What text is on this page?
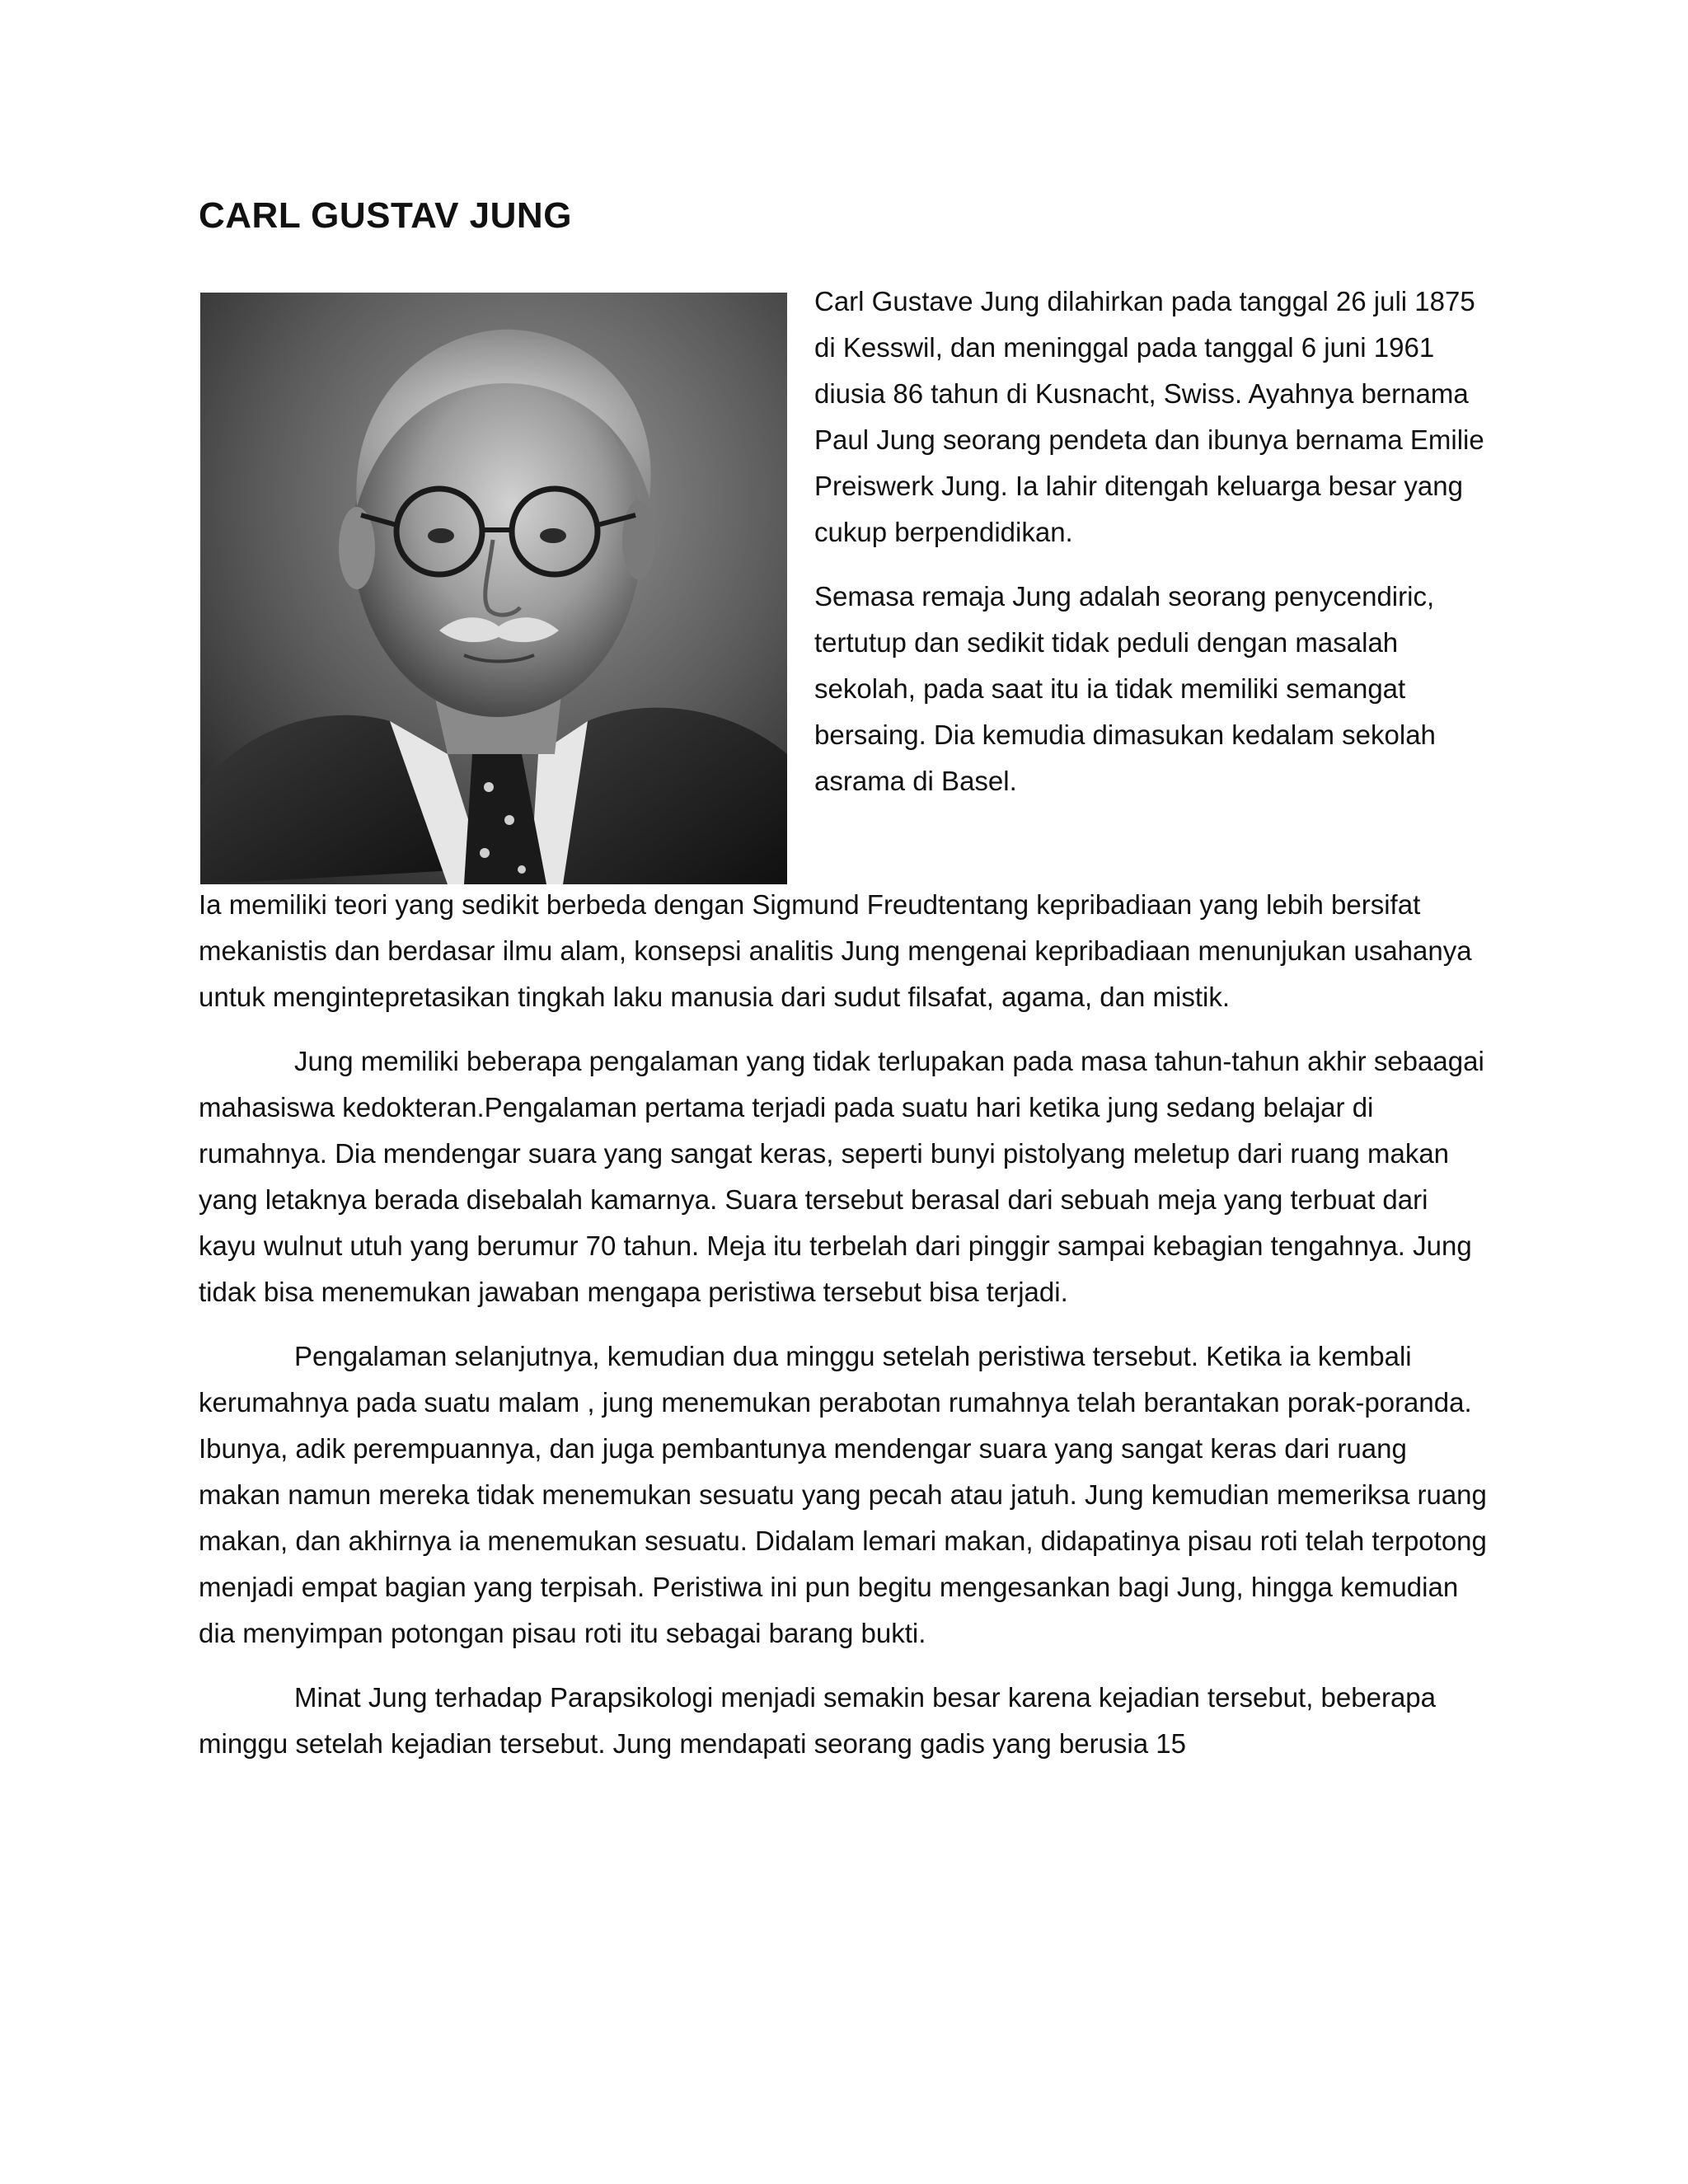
CARL GUSTAV JUNG

Carl Gustave Jung dilahirkan pada tanggal 26 juli 1875 di Kesswil, dan meninggal pada tanggal 6 juni 1961 diusia 86 tahun di Kusnacht, Swiss. Ayahnya bernama Paul Jung seorang pendeta dan ibunya bernama Emilie Preiswerk Jung. Ia lahir ditengah keluarga besar yang cukup berpendidikan.

Semasa remaja Jung adalah seorang penycendiric, tertutup dan sedikit tidak peduli dengan masalah sekolah, pada saat itu ia tidak memiliki semangat bersaing. Dia kemudia dimasukan kedalam sekolah asrama di Basel.

Ia memiliki teori yang sedikit berbeda dengan Sigmund Freudtentang kepribadiaan yang lebih bersifat mekanistis dan berdasar ilmu alam, konsepsi analitis Jung mengenai kepribadiaan menunjukan usahanya untuk mengintepretasikan tingkah laku manusia dari sudut filsafat, agama, dan mistik.

Jung memiliki beberapa pengalaman yang tidak terlupakan pada masa tahun-tahun akhir sebaagai mahasiswa kedokteran.Pengalaman pertama terjadi pada suatu hari ketika jung sedang belajar di rumahnya. Dia mendengar suara yang sangat keras, seperti bunyi pistolyang meletup dari ruang makan yang letaknya berada disebalah kamarnya. Suara tersebut berasal dari sebuah meja yang terbuat dari kayu wulnut utuh yang berumur 70 tahun. Meja itu terbelah dari pinggir sampai kebagian tengahnya. Jung tidak bisa menemukan jawaban mengapa peristiwa tersebut bisa terjadi.

Pengalaman selanjutnya, kemudian dua minggu setelah peristiwa tersebut. Ketika ia kembali kerumahnya pada suatu malam , jung menemukan perabotan rumahnya telah berantakan porak-poranda. Ibunya, adik perempuannya, dan juga pembantunya mendengar suara yang sangat keras dari ruang makan namun mereka tidak menemukan sesuatu yang pecah atau jatuh. Jung kemudian memeriksa ruang makan, dan akhirnya ia menemukan sesuatu. Didalam lemari makan, didapatinya pisau roti telah terpotong menjadi empat bagian yang terpisah. Peristiwa ini pun begitu mengesankan bagi Jung, hingga kemudian dia menyimpan potongan pisau roti itu sebagai barang bukti.

Minat Jung terhadap Parapsikologi menjadi semakin besar karena kejadian tersebut, beberapa minggu setelah kejadian tersebut. Jung mendapati seorang gadis yang berusia 15
